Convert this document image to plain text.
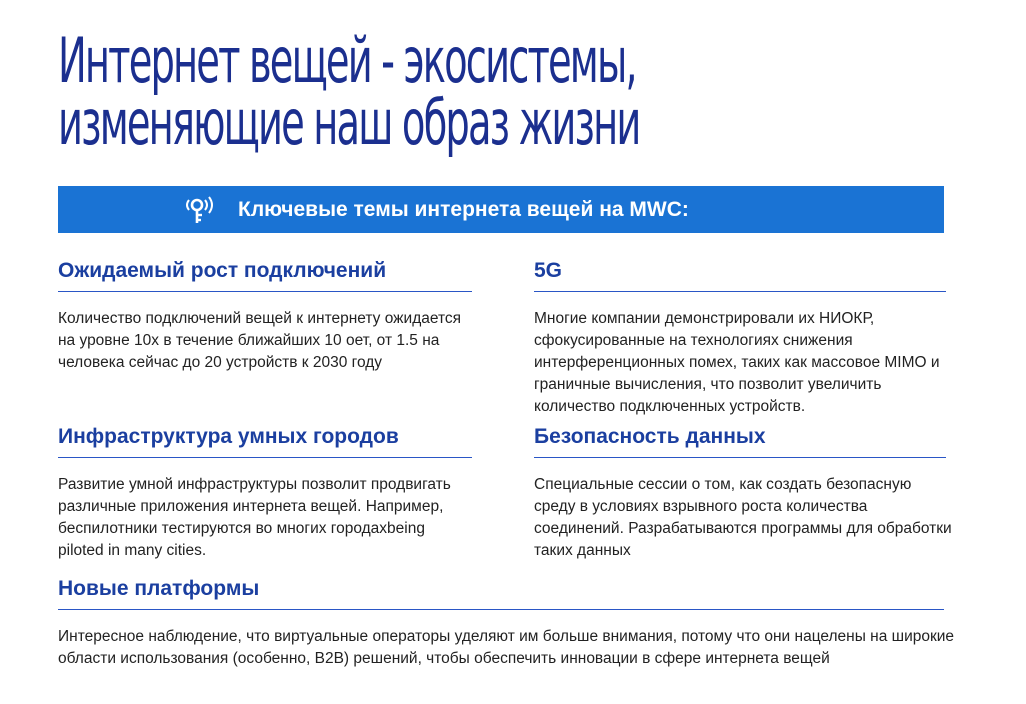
Интернет вещей - экосистемы,
изменяющие наш образ жизни
Ключевые темы интернета вещей на MWC:
Ожидаемый рост подключений

Количество подключений вещей к интернету ожидается на уровне 10х в течение ближайших 10 оет, от 1.5 на человека сейчас до 20 устройств к 2030 году

5G

Многие компании демонстрировали их НИОКР, сфокусированные на технологиях снижения интерференционных помех, таких как массовое MIMO и граничные вычисления, что позволит увеличить количество подключенных устройств.

Инфраструктура умных городов

Развитие умной инфраструктуры позволит продвигать различные приложения интернета вещей. Например, беспилотники тестируются во многих городахbeing piloted in many cities.

Безопасность данных

Специальные сессии о том, как создать безопасную среду в условиях взрывного роста количества соединений. Разрабатываются программы для обработки таких данных

Новые платформы

Интересное наблюдение, что виртуальные операторы уделяют им больше внимания, потому что они нацелены на широкие области использования (особенно, В2В) решений, чтобы обеспечить инновации в сфере интернета вещей
